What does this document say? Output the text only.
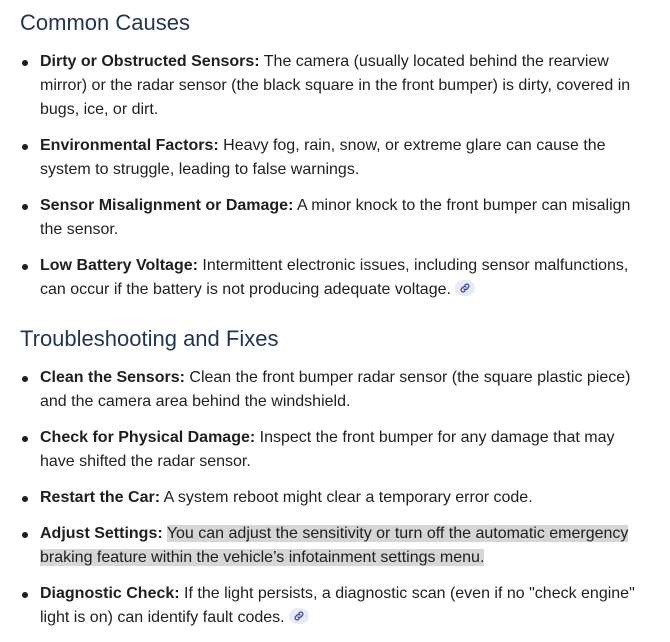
Common Causes
Dirty or Obstructed Sensors: The camera (usually located behind the rearview mirror) or the radar sensor (the black square in the front bumper) is dirty, covered in bugs, ice, or dirt.
Environmental Factors: Heavy fog, rain, snow, or extreme glare can cause the system to struggle, leading to false warnings.
Sensor Misalignment or Damage: A minor knock to the front bumper can misalign the sensor.
Low Battery Voltage: Intermittent electronic issues, including sensor malfunctions, can occur if the battery is not producing adequate voltage.
Troubleshooting and Fixes
Clean the Sensors: Clean the front bumper radar sensor (the square plastic piece) and the camera area behind the windshield.
Check for Physical Damage: Inspect the front bumper for any damage that may have shifted the radar sensor.
Restart the Car: A system reboot might clear a temporary error code.
Adjust Settings: You can adjust the sensitivity or turn off the automatic emergency braking feature within the vehicle’s infotainment settings menu.
Diagnostic Check: If the light persists, a diagnostic scan (even if no "check engine" light is on) can identify fault codes.
